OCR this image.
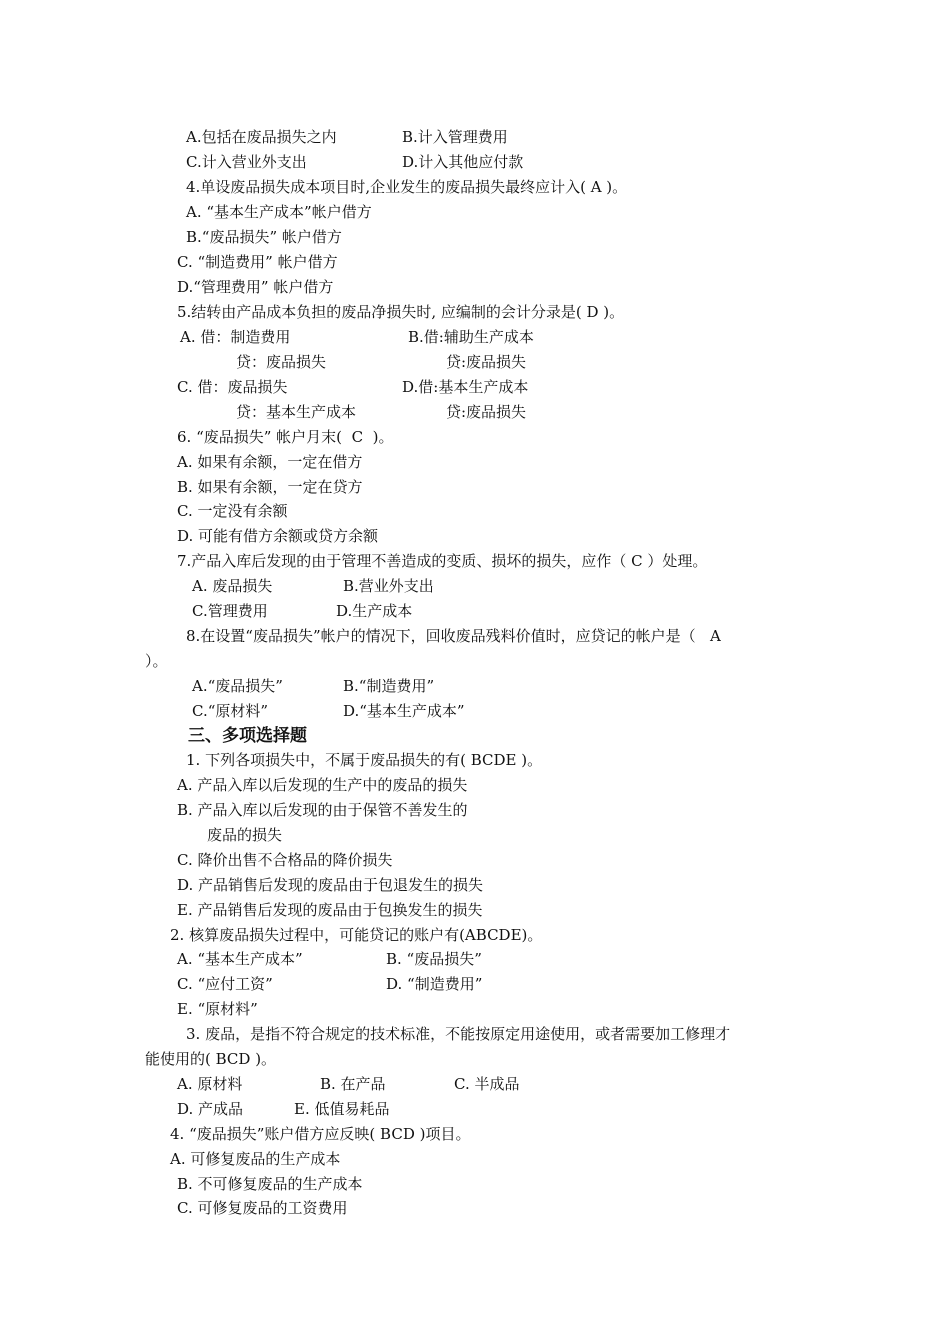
A.包括在废品损失之内	B.计入管理费用
C.计入营业外支出	D.计入其他应付款
4.单设废品损失成本项目时,企业发生的废品损失最终应计入( A )。
A. “基本生产成本”帐户借方
B.“废品损失” 帐户借方
C. “制造费用” 帐户借方
D.“管理费用” 帐户借方
5.结转由产品成本负担的废品净损失时, 应编制的会计分录是( D )。
A. 借：制造费用	B.借:辅助生产成本
贷：废品损失	贷:废品损失
C. 借：废品损失	D.借:基本生产成本
贷：基本生产成本	贷:废品损失
6. “废品损失” 帐户月末(  C  )。
A. 如果有余额，一定在借方
B. 如果有余额，一定在贷方
C. 一定没有余额
D. 可能有借方余额或贷方余额
7.产品入库后发现的由于管理不善造成的变质、损坏的损失，应作（ C ）处理。
A. 废品损失	B.营业外支出
C.管理费用	D.生产成本
8.在设置“废品损失”帐户的情况下，回收废品残料价值时，应贷记的帐户是（   A
）。
A.“废品损失”	B.“制造费用”
C.“原材料”	D.“基本生产成本”
三、多项选择题
1. 下列各项损失中，不属于废品损失的有( BCDE )。
A. 产品入库以后发现的生产中的废品的损失
B. 产品入库以后发现的由于保管不善发生的
废品的损失
C. 降价出售不合格品的降价损失
D. 产品销售后发现的废品由于包退发生的损失
E. 产品销售后发现的废品由于包换发生的损失
2. 核算废品损失过程中，可能贷记的账户有(ABCDE)。
A. “基本生产成本”	B. “废品损失”
C. “应付工资”	D. “制造费用”
E. “原材料”
3. 废品，是指不符合规定的技术标准，不能按原定用途使用，或者需要加工修理才
能使用的( BCD )。
A. 原材料	B. 在产品	C. 半成品
D. 产成品	E. 低值易耗品
4. “废品损失”账户借方应反映( BCD )项目。
A. 可修复废品的生产成本
B. 不可修复废品的生产成本
C. 可修复废品的工资费用
